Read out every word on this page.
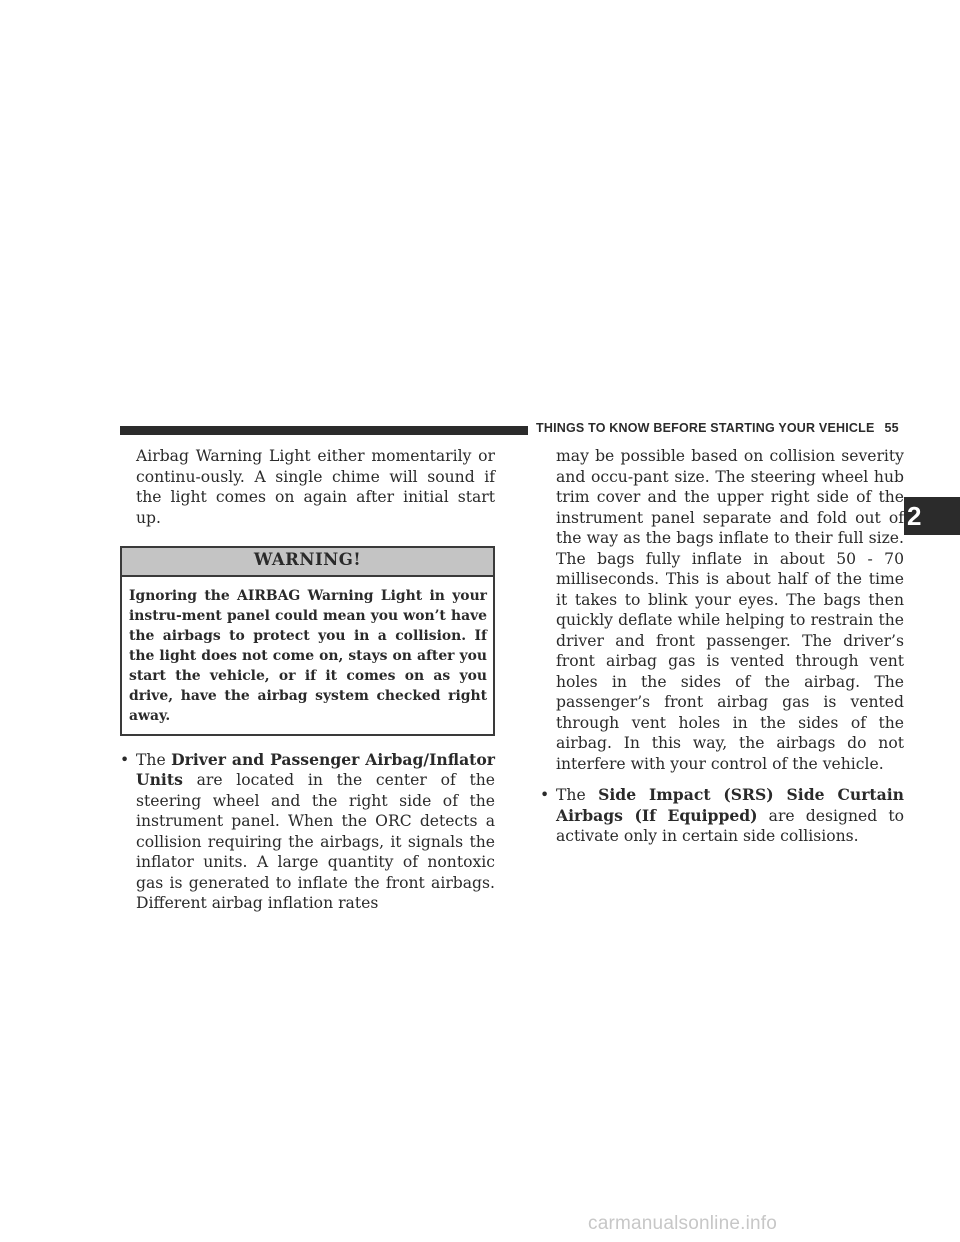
THINGS TO KNOW BEFORE STARTING YOUR VEHICLE 55
2

Airbag Warning Light either momentarily or continu-ously. A single chime will sound if the light comes on again after initial start up.

WARNING!
Ignoring the AIRBAG Warning Light in your instru-ment panel could mean you won’t have the airbags to protect you in a collision. If the light does not come on, stays on after you start the vehicle, or if it comes on as you drive, have the airbag system checked right away.
• The Driver and Passenger Airbag/Inflator Units are located in the center of the steering wheel and the right side of the instrument panel. When the ORC detects a collision requiring the airbags, it signals the inflator units. A large quantity of nontoxic gas is generated to inflate the front airbags. Different airbag inflation rates
may be possible based on collision severity and occu-pant size. The steering wheel hub trim cover and the upper right side of the instrument panel separate and fold out of the way as the bags inflate to their full size. The bags fully inflate in about 50 - 70 milliseconds. This is about half of the time it takes to blink your eyes. The bags then quickly deflate while helping to restrain the driver and front passenger. The driver’s front airbag gas is vented through vent holes in the sides of the airbag. The passenger’s front airbag gas is vented through vent holes in the sides of the airbag. In this way, the airbags do not interfere with your control of the vehicle.
• The Side Impact (SRS) Side Curtain Airbags (If Equipped) are designed to activate only in certain side collisions.
carmanualsonline.info
